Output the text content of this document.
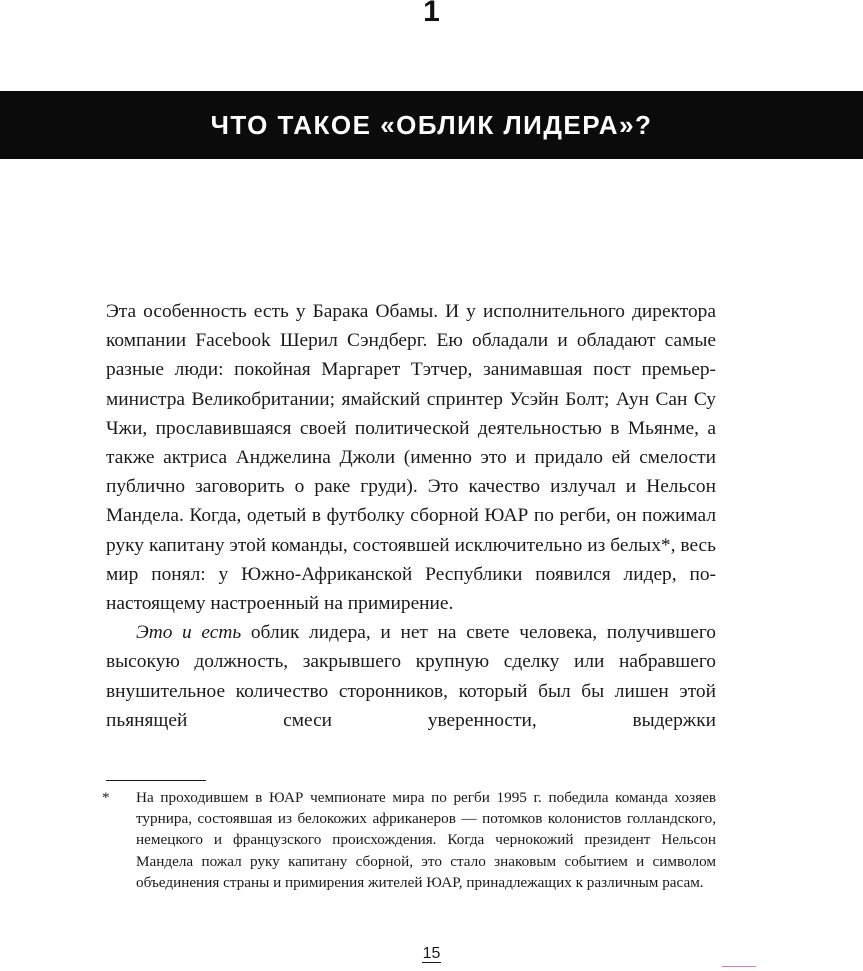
1
ЧТО ТАКОЕ «ОБЛИК ЛИДЕРА»?

Эта особенность есть у Барака Обамы. И у исполнительного директора компании Facebook Шерил Сэндберг. Ею обладали и обладают самые разные люди: покойная Маргарет Тэтчер, занимавшая пост премьер-министра Великобритании; ямайский спринтер Усэйн Болт; Аун Сан Су Чжи, прославившаяся своей политической деятельностью в Мьянме, а также актриса Анджелина Джоли (именно это и придало ей смелости публично заговорить о раке груди). Это качество излучал и Нельсон Мандела. Когда, одетый в футболку сборной ЮАР по регби, он пожимал руку капитану этой команды, состоявшей исключительно из белых*, весь мир понял: у Южно-Африканской Республики появился лидер, по-настоящему настроенный на примирение.

Это и есть облик лидера, и нет на свете человека, получившего высокую должность, закрывшего крупную сделку или набравшего внушительное количество сторонников, который был бы лишен этой пьянящей смеси уверенности, выдержки

* На проходившем в ЮАР чемпионате мира по регби 1995 г. победила команда хозяев турнира, состоявшая из белокожих африканеров — потомков колонистов голландского, немецкого и французского происхождения. Когда чернокожий президент Нельсон Мандела пожал руку капитану сборной, это стало знаковым событием и символом объединения страны и примирения жителей ЮАР, принадлежащих к различным расам.

15
